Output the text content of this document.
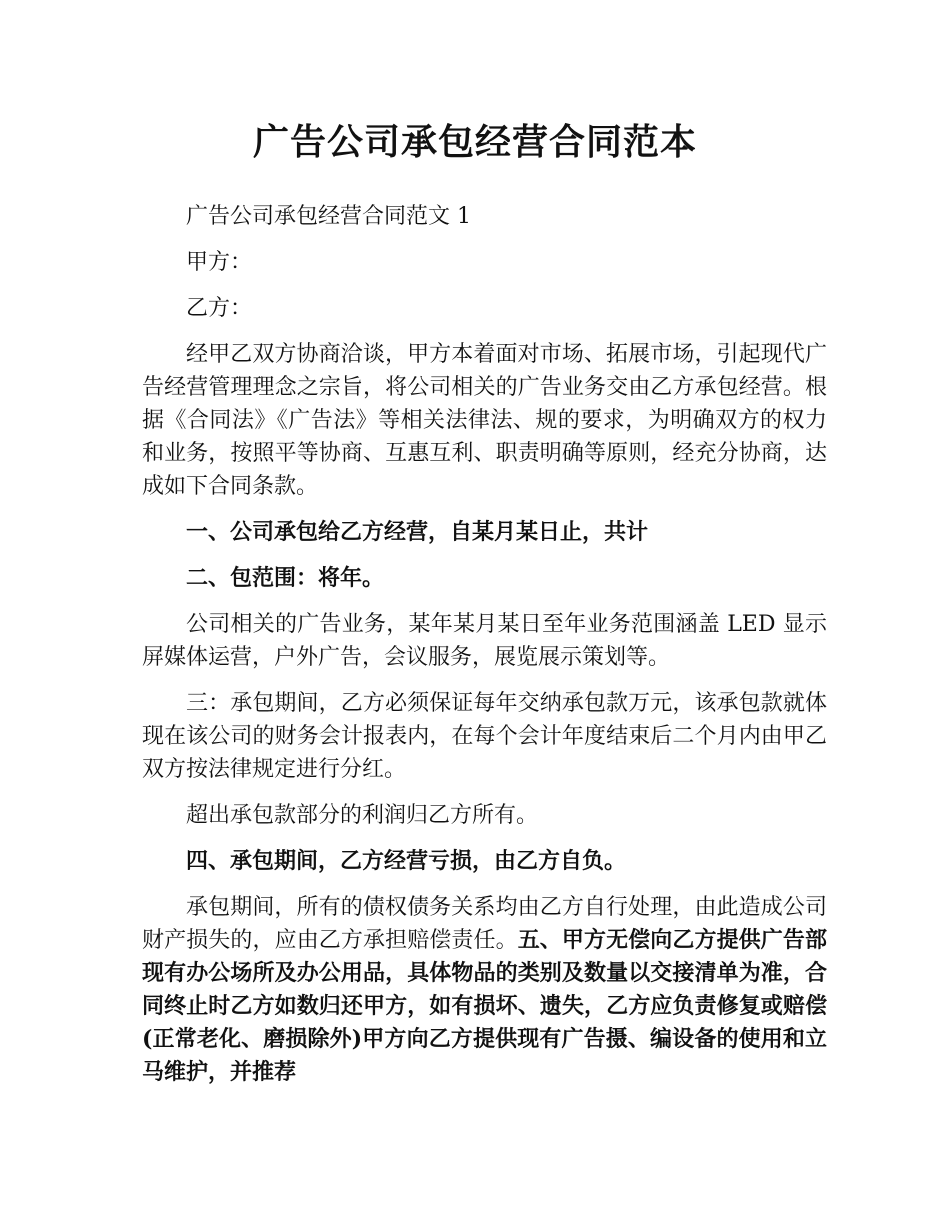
广告公司承包经营合同范本

广告公司承包经营合同范文 1

甲方：

乙方：

经甲乙双方协商洽谈，甲方本着面对市场、拓展市场，引起现代广告经营管理理念之宗旨，将公司相关的广告业务交由乙方承包经营。根据《合同法》《广告法》等相关法律法、规的要求，为明确双方的权力和业务，按照平等协商、互惠互利、职责明确等原则，经充分协商，达成如下合同条款。

一、公司承包给乙方经营，自某月某日止，共计

二、包范围：将年。

公司相关的广告业务，某年某月某日至年业务范围涵盖 LED 显示屏媒体运营，户外广告，会议服务，展览展示策划等。

三：承包期间，乙方必须保证每年交纳承包款万元，该承包款就体现在该公司的财务会计报表内，在每个会计年度结束后二个月内由甲乙双方按法律规定进行分红。

超出承包款部分的利润归乙方所有。

四、承包期间，乙方经营亏损，由乙方自负。

承包期间，所有的债权债务关系均由乙方自行处理，由此造成公司财产损失的，应由乙方承担赔偿责任。五、甲方无偿向乙方提供广告部现有办公场所及办公用品，具体物品的类别及数量以交接清单为准，合同终止时乙方如数归还甲方，如有损坏、遗失，乙方应负责修复或赔偿(正常老化、磨损除外)甲方向乙方提供现有广告摄、编设备的使用和立马维护，并推荐
